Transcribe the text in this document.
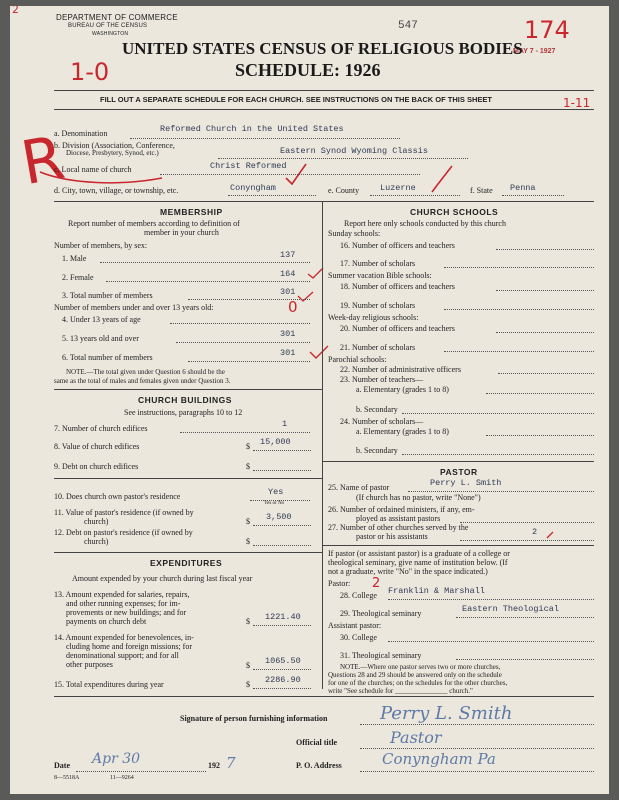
DEPARTMENT OF COMMERCE
BUREAU OF THE CENSUS
WASHINGTON
547
MAY 7 - 1927
UNITED STATES CENSUS OF RELIGIOUS BODIES
SCHEDULE: 1926
FILL OUT A SEPARATE SCHEDULE FOR EACH CHURCH. SEE INSTRUCTIONS ON THE BACK OF THIS SHEET
2
174
1-0
1-11
R
0
2
a. Denomination	Reformed Church in the United States
b. Division (Association, Conference,
Diocese, Presbytery, Synod, etc.)	Eastern Synod Wyoming Classis
c. Local name of church	Christ Reformed
d. City, town, village, or township, etc.	Conyngham	e. County Luzerne	f. State Penna
MEMBERSHIP
Report number of members according to definition of
member in your church
Number of members, by sex:
1. Male	137
2. Female	164
3. Total number of members	301
Number of members under and over 13 years old:
4. Under 13 years of age
5. 13 years old and over	301
6. Total number of members	301
NOTE.—The total given under Question 6 should be the
same as the total of males and females given under Question 3.
CHURCH BUILDINGS
See instructions, paragraphs 10 to 12
7. Number of church edifices	1
8. Value of church edifices	$ 15,000
9. Debt on church edifices	$
10. Does church own pastor's residence	Yes
Yes or No
11. Value of pastor's residence (if owned by
church)	$ 3,500
12. Debt on pastor's residence (if owned by
church)	$
EXPENDITURES
Amount expended by your church during last fiscal year
13. Amount expended for salaries, repairs,
and other running expenses; for im-
provements or new buildings; and for
payments on church debt	$ 1221.40
14. Amount expended for benevolences, in-
cluding home and foreign missions; for
denominational support; and for all
other purposes	$ 1065.50
15. Total expenditures during year	$ 2286.90
CHURCH SCHOOLS
Report here only schools conducted by this church
Sunday schools:
16. Number of officers and teachers
17. Number of scholars
Summer vacation Bible schools:
18. Number of officers and teachers
19. Number of scholars
Week-day religious schools:
20. Number of officers and teachers
21. Number of scholars
Parochial schools:
22. Number of administrative officers
23. Number of teachers—
a. Elementary (grades 1 to 8)
b. Secondary
24. Number of scholars—
a. Elementary (grades 1 to 8)
b. Secondary
PASTOR
25. Name of pastor	Perry L. Smith
(If church has no pastor, write "None")
26. Number of ordained ministers, if any, em-
ployed as assistant pastors
27. Number of other churches served by the
pastor or his assistants	2
If pastor (or assistant pastor) is a graduate of a college or
theological seminary, give name of institution below. (If
not a graduate, write "No" in the space indicated.)
Pastor:
28. College Franklin & Marshall
29. Theological seminary	Eastern Theological
Assistant pastor:
30. College
31. Theological seminary
NOTE.—Where one pastor serves two or more churches,
Questions 28 and 29 should be answered only on the schedule
for one of the churches; on the schedules for the other churches,
write "See schedule for _______________ church."
Signature of person furnishing information	Perry L. Smith
Official title	Pastor
Date Apr 30	192 7	P. O. Address	Conyngham Pa
8—5518A	11—9264
